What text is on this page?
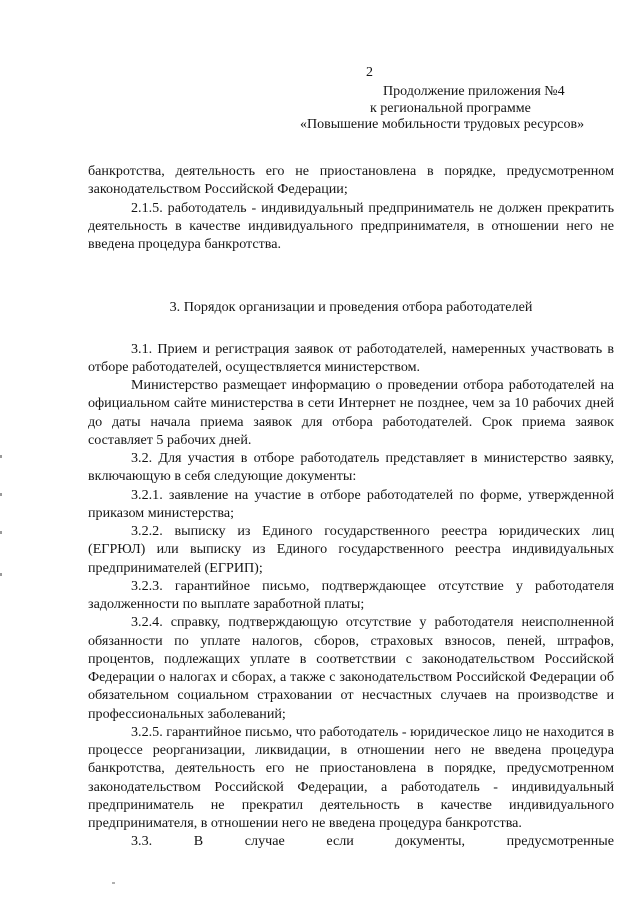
2
Продолжение приложения №4
к региональной программе
«Повышение мобильности трудовых ресурсов»

банкротства, деятельность его не приостановлена в порядке, предусмотренном законодательством Российской Федерации;

2.1.5. работодатель - индивидуальный предприниматель не должен прекратить деятельность в качестве индивидуального предпринимателя, в отношении него не введена процедура банкротства.

3. Порядок организации и проведения отбора работодателей

3.1. Прием и регистрация заявок от работодателей, намеренных участвовать в отборе работодателей, осуществляется министерством.

Министерство размещает информацию о проведении отбора работодателей на официальном сайте министерства в сети Интернет не позднее, чем за 10 рабочих дней до даты начала приема заявок для отбора работодателей. Срок приема заявок составляет 5 рабочих дней.

3.2. Для участия в отборе работодатель представляет в министерство заявку, включающую в себя следующие документы:

3.2.1. заявление на участие в отборе работодателей по форме, утвержденной приказом министерства;

3.2.2. выписку из Единого государственного реестра юридических лиц (ЕГРЮЛ) или выписку из Единого государственного реестра индивидуальных предпринимателей (ЕГРИП);

3.2.3. гарантийное письмо, подтверждающее отсутствие у работодателя задолженности по выплате заработной платы;

3.2.4. справку, подтверждающую отсутствие у работодателя неисполненной обязанности по уплате налогов, сборов, страховых взносов, пеней, штрафов, процентов, подлежащих уплате в соответствии с законодательством Российской Федерации о налогах и сборах, а также с законодательством Российской Федерации об обязательном социальном страховании от несчастных случаев на производстве и профессиональных заболеваний;

3.2.5. гарантийное письмо, что работодатель - юридическое лицо не находится в процессе реорганизации, ликвидации, в отношении него не введена процедура банкротства, деятельность его не приостановлена в порядке, предусмотренном законодательством Российской Федерации, а работодатель - индивидуальный предприниматель не прекратил деятельность в качестве индивидуального предпринимателя, в отношении него не введена процедура банкротства.

3.3. В случае если документы, предусмотренные
